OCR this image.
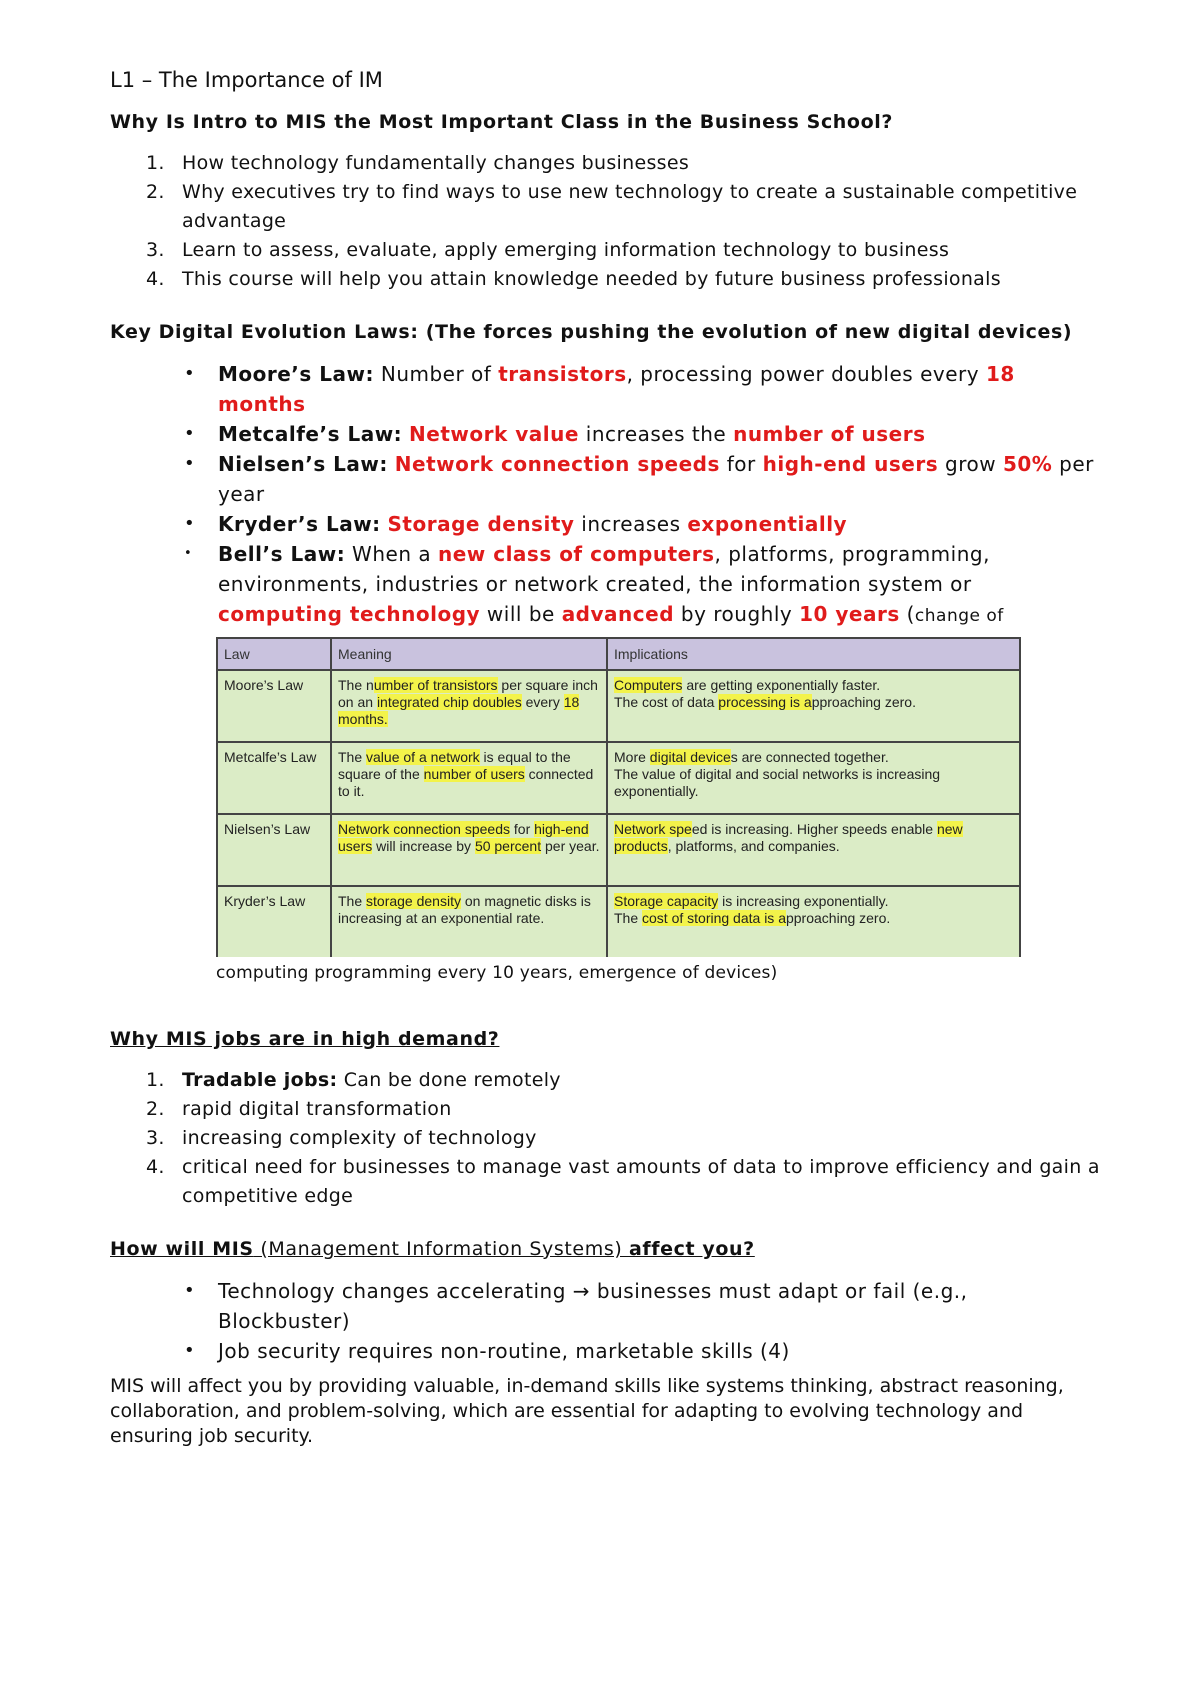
L1 – The Importance of IM
Why Is Intro to MIS the Most Important Class in the Business School?
1. How technology fundamentally changes businesses
2. Why executives try to find ways to use new technology to create a sustainable competitive advantage
3. Learn to assess, evaluate, apply emerging information technology to business
4. This course will help you attain knowledge needed by future business professionals
Key Digital Evolution Laws: (The forces pushing the evolution of new digital devices)
• Moore’s Law: Number of transistors, processing power doubles every 18 months
• Metcalfe’s Law: Network value increases the number of users
• Nielsen’s Law: Network connection speeds for high-end users grow 50% per year
• Kryder’s Law: Storage density increases exponentially
• Bell’s Law: When a new class of computers, platforms, programming, environments, industries or network created, the information system or computing technology will be advanced by roughly 10 years (change of
Law	Meaning	Implications
Moore’s Law	The number of transistors per square inch on an integrated chip doubles every 18 months.	Computers are getting exponentially faster.
The cost of data processing is approaching zero.
Metcalfe’s Law	The value of a network is equal to the square of the number of users connected to it.	More digital devices are connected together.
The value of digital and social networks is increasing exponentially.
Nielsen’s Law	Network connection speeds for high-end users will increase by 50 percent per year.	Network speed is increasing. Higher speeds enable new products, platforms, and companies.
Kryder’s Law	The storage density on magnetic disks is increasing at an exponential rate.	Storage capacity is increasing exponentially.
The cost of storing data is approaching zero.
computing programming every 10 years, emergence of devices)
Why MIS jobs are in high demand?
1. Tradable jobs: Can be done remotely
2. rapid digital transformation
3. increasing complexity of technology
4. critical need for businesses to manage vast amounts of data to improve efficiency and gain a competitive edge
How will MIS (Management Information Systems) affect you?
• Technology changes accelerating → businesses must adapt or fail (e.g., Blockbuster)
• Job security requires non-routine, marketable skills (4)
MIS will affect you by providing valuable, in-demand skills like systems thinking, abstract reasoning, collaboration, and problem-solving, which are essential for adapting to evolving technology and ensuring job security.
